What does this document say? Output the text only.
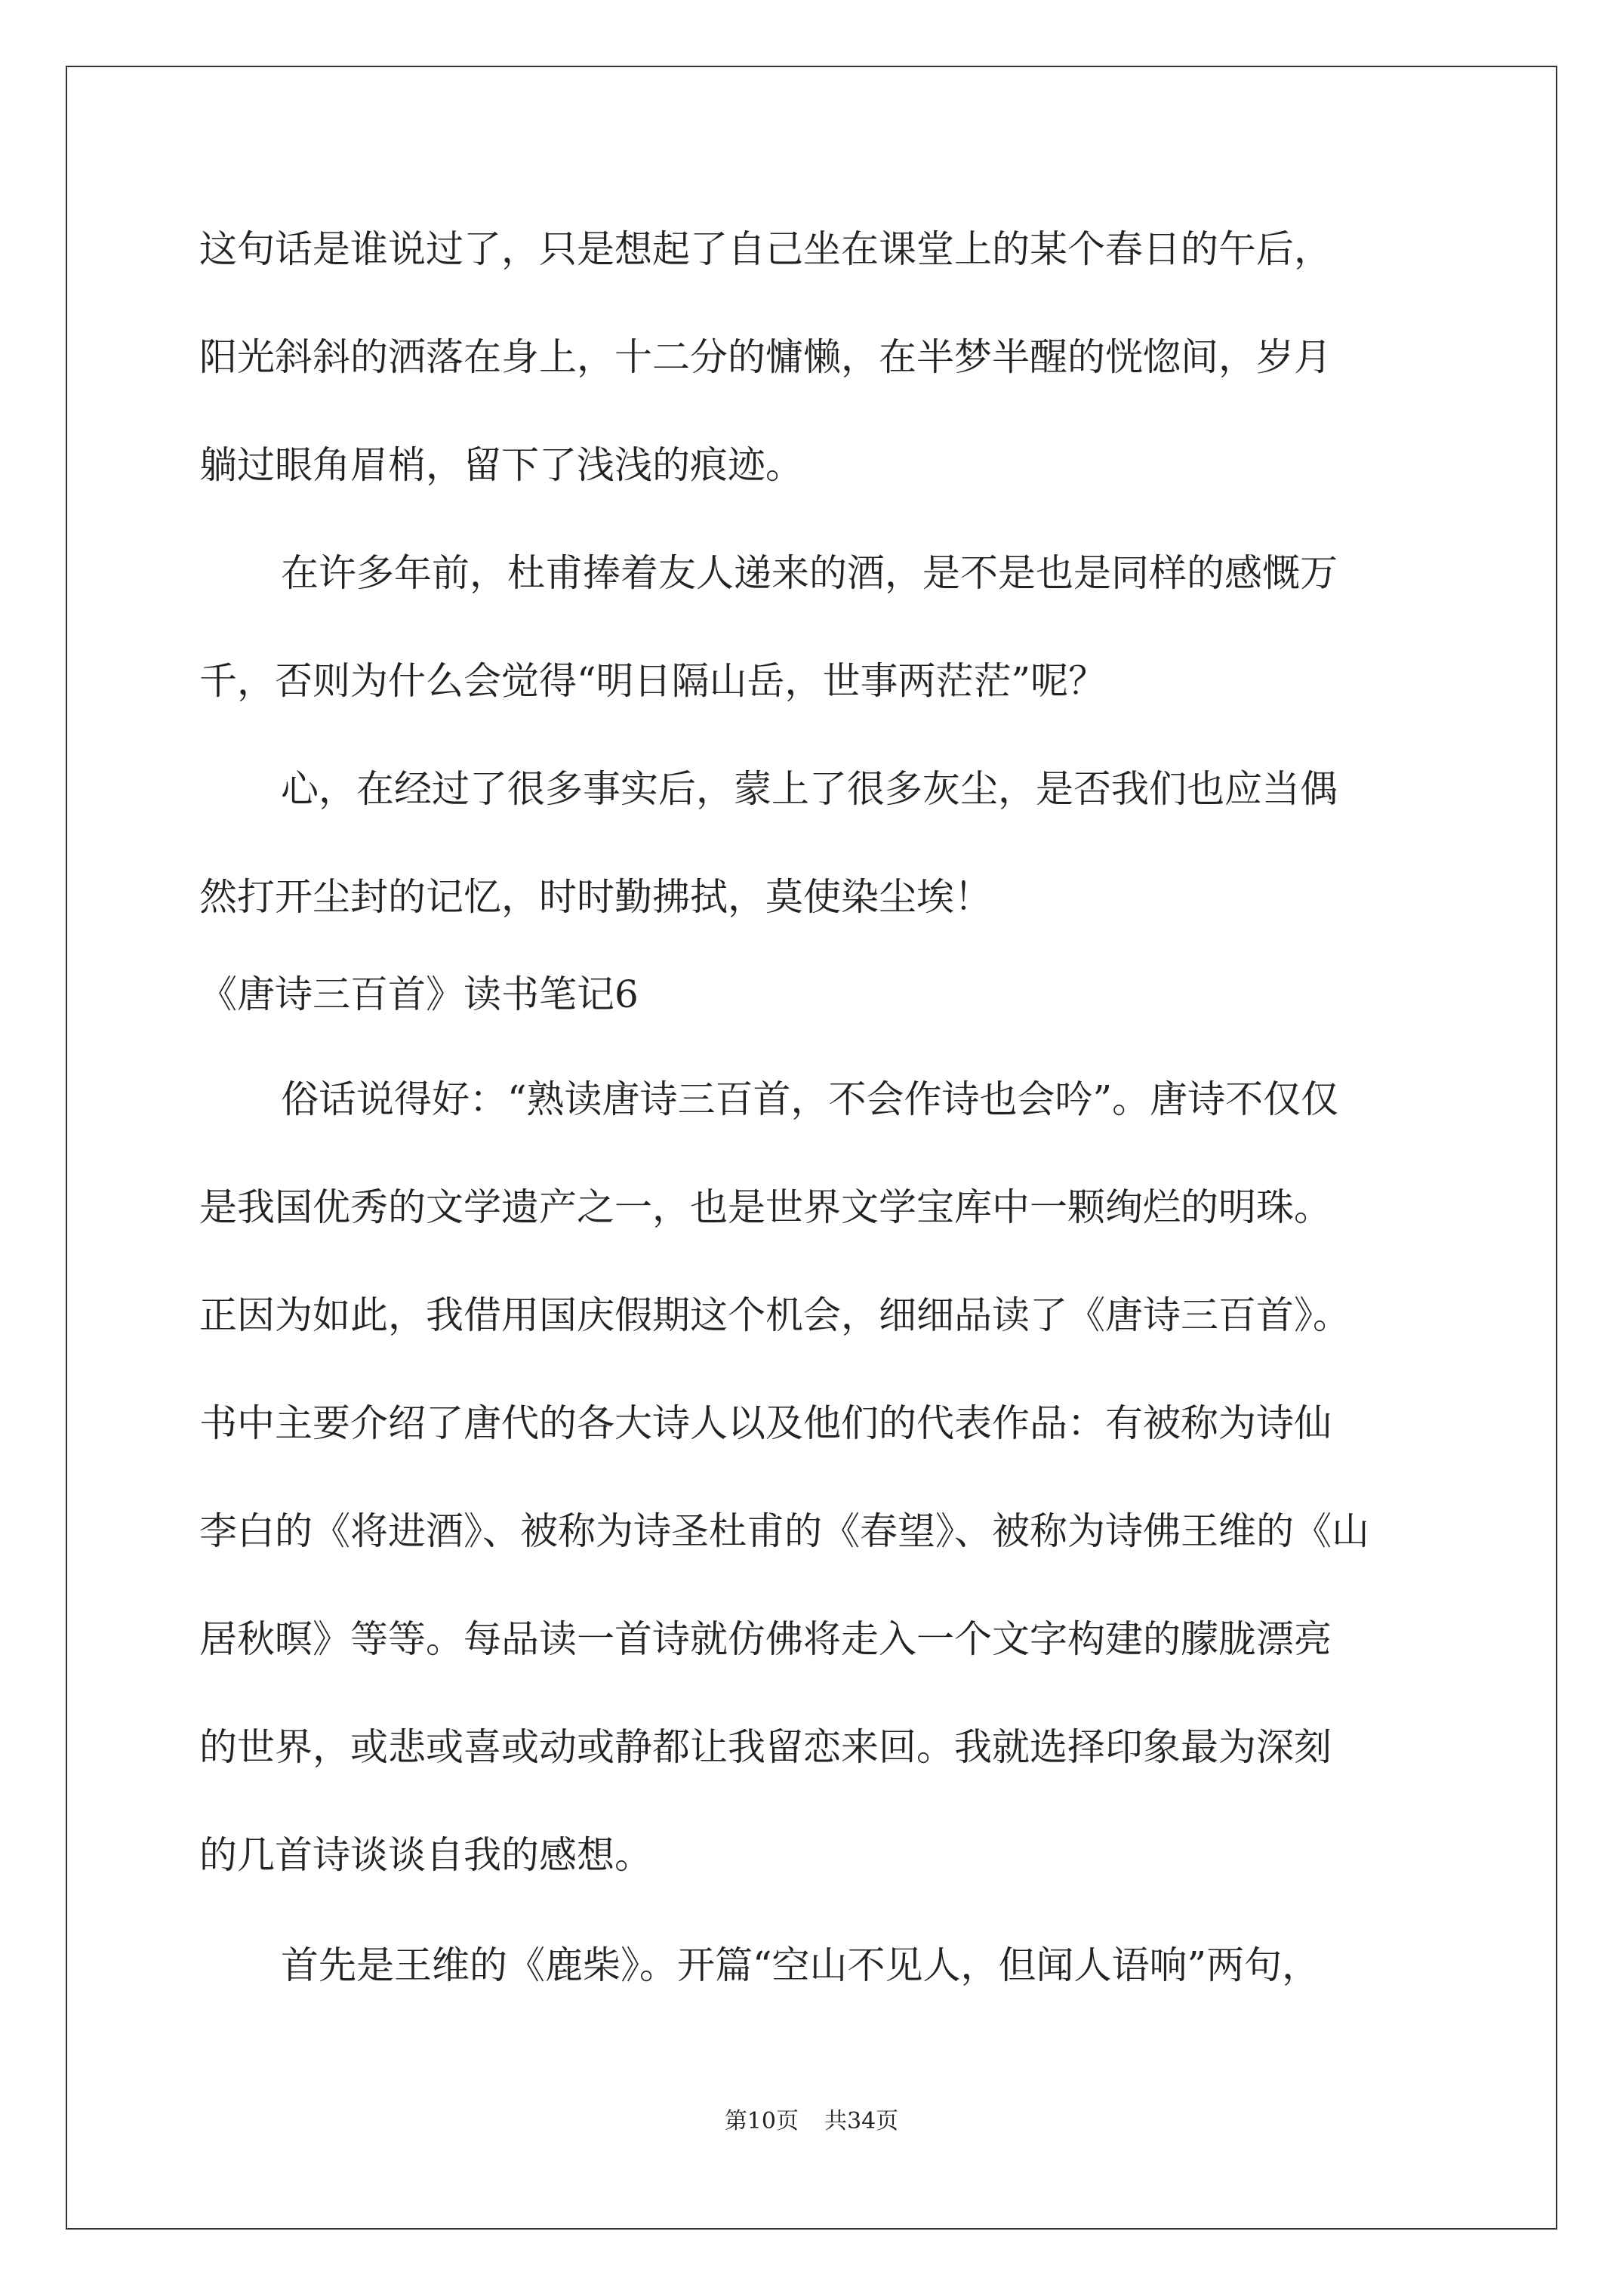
这句话是谁说过了，只是想起了自己坐在课堂上的某个春日的午后，
阳光斜斜的洒落在身上，十二分的慵懒，在半梦半醒的恍惚间，岁月
躺过眼角眉梢，留下了浅浅的痕迹。
在许多年前，杜甫捧着友人递来的酒，是不是也是同样的感慨万
千，否则为什么会觉得“明日隔山岳，世事两茫茫”呢？
心，在经过了很多事实后，蒙上了很多灰尘，是否我们也应当偶
然打开尘封的记忆，时时勤拂拭，莫使染尘埃！
《唐诗三百首》读书笔记6
俗话说得好：“熟读唐诗三百首，不会作诗也会吟”。唐诗不仅仅
是我国优秀的文学遗产之一，也是世界文学宝库中一颗绚烂的明珠。
正因为如此，我借用国庆假期这个机会，细细品读了《唐诗三百首》。
书中主要介绍了唐代的各大诗人以及他们的代表作品：有被称为诗仙
李白的《将进酒》、被称为诗圣杜甫的《春望》、被称为诗佛王维的《山
居秋暝》等等。每品读一首诗就仿佛将走入一个文字构建的朦胧漂亮
的世界，或悲或喜或动或静都让我留恋来回。我就选择印象最为深刻
的几首诗谈谈自我的感想。
首先是王维的《鹿柴》。开篇“空山不见人，但闻人语响”两句，
第10页 共34页
